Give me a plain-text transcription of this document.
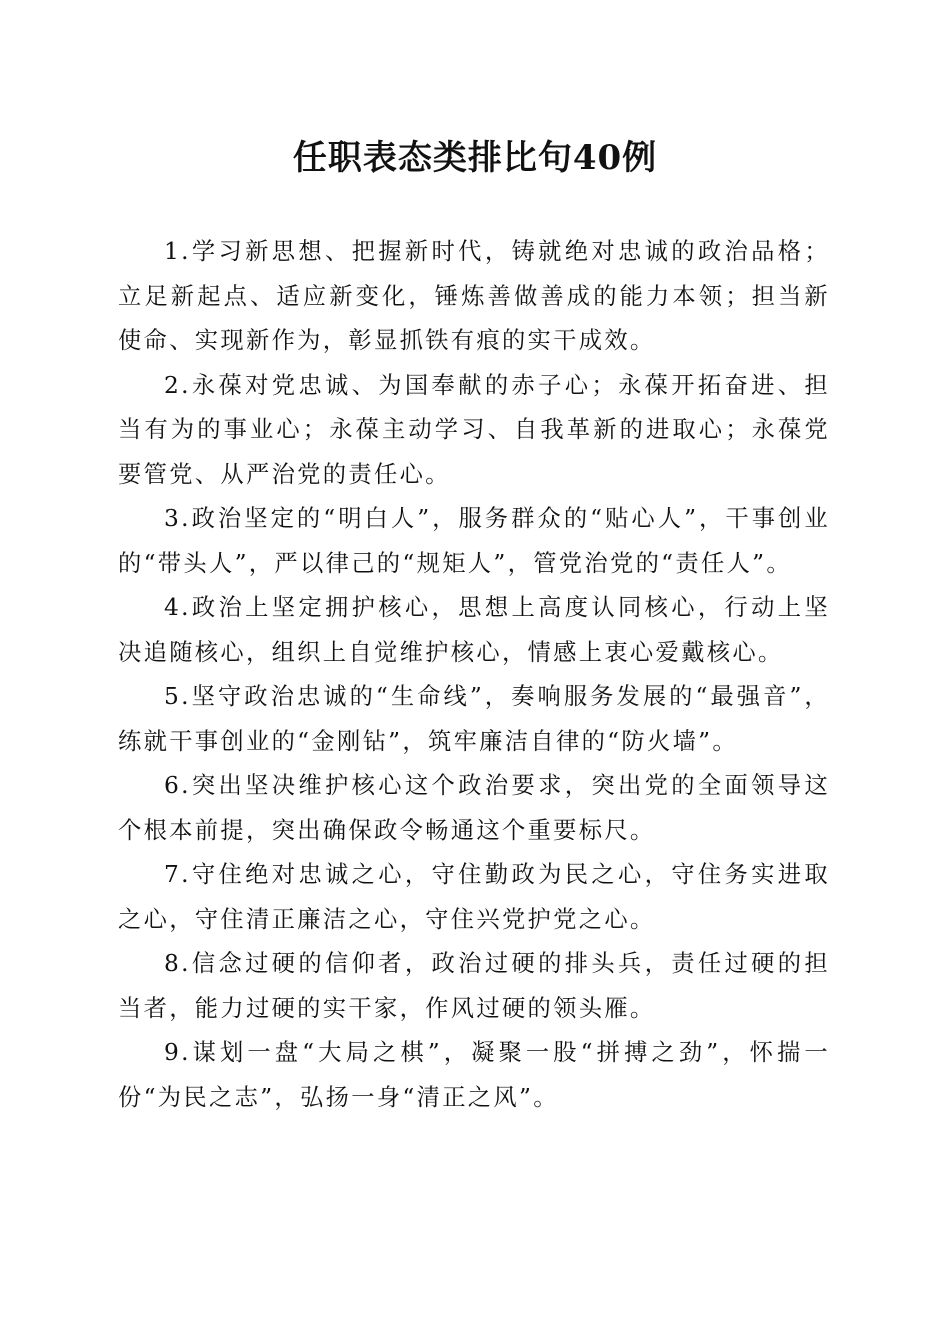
任职表态类排比句40例

1.学习新思想、把握新时代，铸就绝对忠诚的政治品格；立足新起点、适应新变化，锤炼善做善成的能力本领；担当新使命、实现新作为，彰显抓铁有痕的实干成效。

2.永葆对党忠诚、为国奉献的赤子心；永葆开拓奋进、担当有为的事业心；永葆主动学习、自我革新的进取心；永葆党要管党、从严治党的责任心。

3.政治坚定的“明白人”，服务群众的“贴心人”，干事创业的“带头人”，严以律己的“规矩人”，管党治党的“责任人”。

4.政治上坚定拥护核心，思想上高度认同核心，行动上坚决追随核心，组织上自觉维护核心，情感上衷心爱戴核心。

5.坚守政治忠诚的“生命线”，奏响服务发展的“最强音”，练就干事创业的“金刚钻”，筑牢廉洁自律的“防火墙”。

6.突出坚决维护核心这个政治要求，突出党的全面领导这个根本前提，突出确保政令畅通这个重要标尺。

7.守住绝对忠诚之心，守住勤政为民之心，守住务实进取之心，守住清正廉洁之心，守住兴党护党之心。

8.信念过硬的信仰者，政治过硬的排头兵，责任过硬的担当者，能力过硬的实干家，作风过硬的领头雁。

9.谋划一盘“大局之棋”，凝聚一股“拼搏之劲”，怀揣一份“为民之志”，弘扬一身“清正之风”。
